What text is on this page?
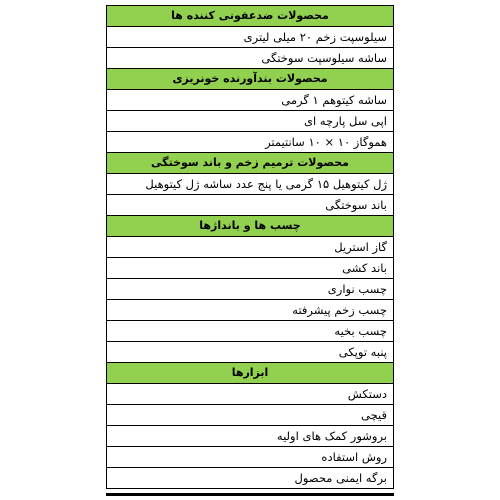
محصولات ضدعفونی کننده ها
سیلوسپت زخم ۲۰ میلی لیتری
ساشه سیلوسپت سوختگی
محصولات بندآورنده خونریزی
ساشه کیتوهم ۱ گرمی
اپی سل پارچه ای
هموگاز ۱۰ × ۱۰ سانتیمتر
محصولات ترمیم زخم و باند سوختگی
ژل کیتوهیل ۱۵ گرمی یا پنج عدد ساشه ژل کیتوهیل
باند سوختگی
چسب ها و بانداژها
گاز استریل
باند کشی
چسب نواری
چسب زخم پیشرفته
چسب بخیه
پنبه توپکی
ابزارها
دستکش
قیچی
بروشور کمک های اولیه
روش استفاده
برگه ایمنی محصول
